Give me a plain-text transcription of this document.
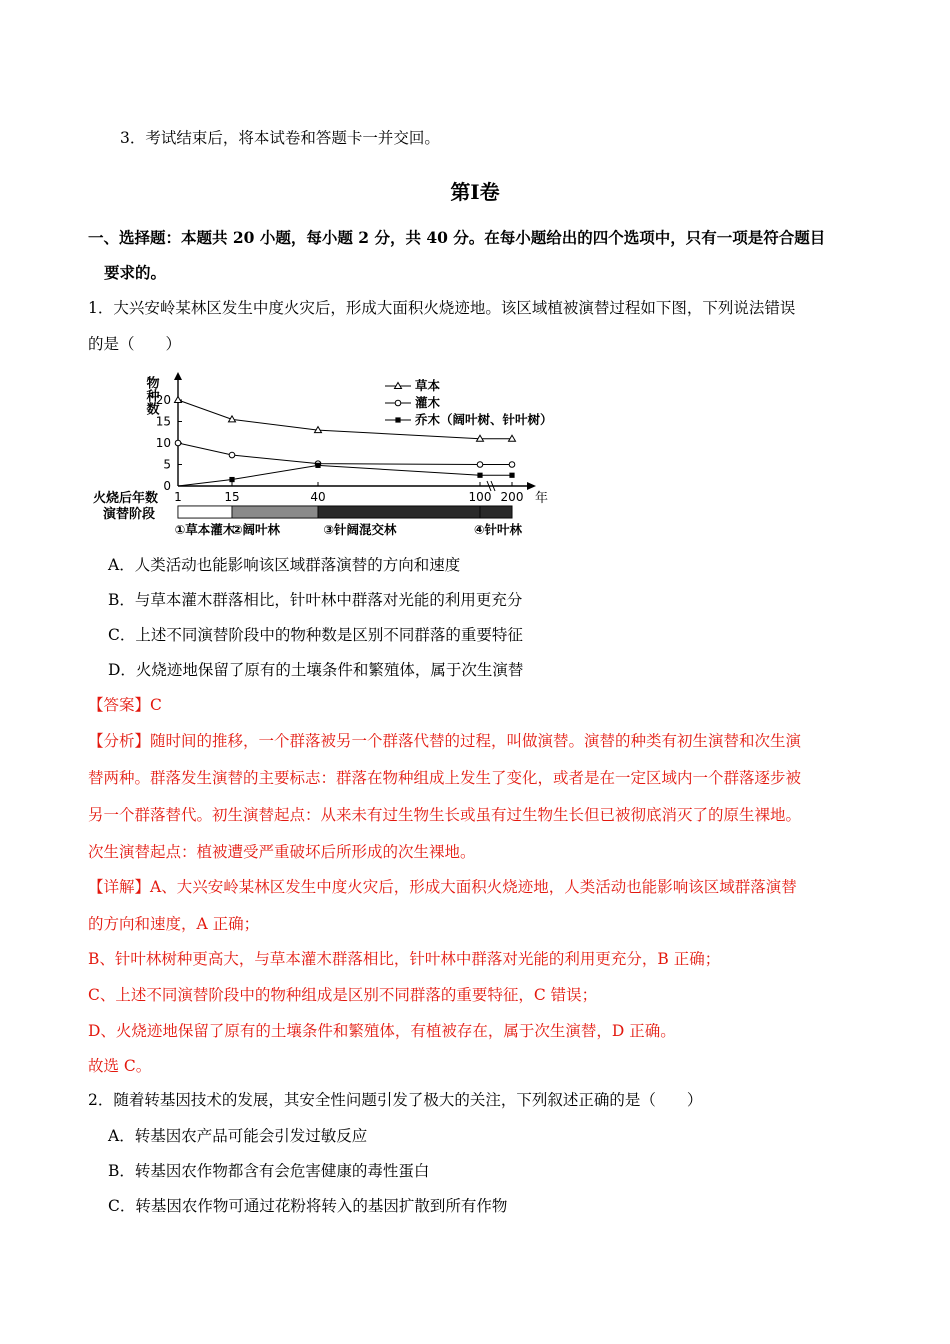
3．考试结束后，将本试卷和答题卡一并交回。
第Ⅰ卷
一、选择题：本题共 20 小题，每小题 2 分，共 40 分。在每小题给出的四个选项中，只有一项是符合题目
要求的。
1．大兴安岭某林区发生中度火灾后，形成大面积火烧迹地。该区域植被演替过程如下图，下列说法错误
的是（　　）
物种数
0
5
10
15
20
1	15	40	100 200
火烧后年数	年
演替阶段
①草本灌木
②阔叶林	③针阔混交林	④针叶林
草本
灌木
乔木（阔叶树、针叶树）
A．人类活动也能影响该区域群落演替的方向和速度
B．与草本灌木群落相比，针叶林中群落对光能的利用更充分
C．上述不同演替阶段中的物种数是区别不同群落的重要特征
D．火烧迹地保留了原有的土壤条件和繁殖体，属于次生演替
【答案】C
【分析】随时间的推移，一个群落被另一个群落代替的过程，叫做演替。演替的种类有初生演替和次生演
替两种。群落发生演替的主要标志：群落在物种组成上发生了变化，或者是在一定区域内一个群落逐步被
另一个群落替代。初生演替起点：从来未有过生物生长或虽有过生物生长但已被彻底消灭了的原生裸地。
次生演替起点：植被遭受严重破坏后所形成的次生裸地。
【详解】A、大兴安岭某林区发生中度火灾后，形成大面积火烧迹地，人类活动也能影响该区域群落演替
的方向和速度，A 正确；
B、针叶林树种更高大，与草本灌木群落相比，针叶林中群落对光能的利用更充分，B 正确；
C、上述不同演替阶段中的物种组成是区别不同群落的重要特征，C 错误；
D、火烧迹地保留了原有的土壤条件和繁殖体，有植被存在，属于次生演替，D 正确。
故选 C。
2．随着转基因技术的发展，其安全性问题引发了极大的关注，下列叙述正确的是（　　）
A．转基因农产品可能会引发过敏反应
B．转基因农作物都含有会危害健康的毒性蛋白
C．转基因农作物可通过花粉将转入的基因扩散到所有作物
